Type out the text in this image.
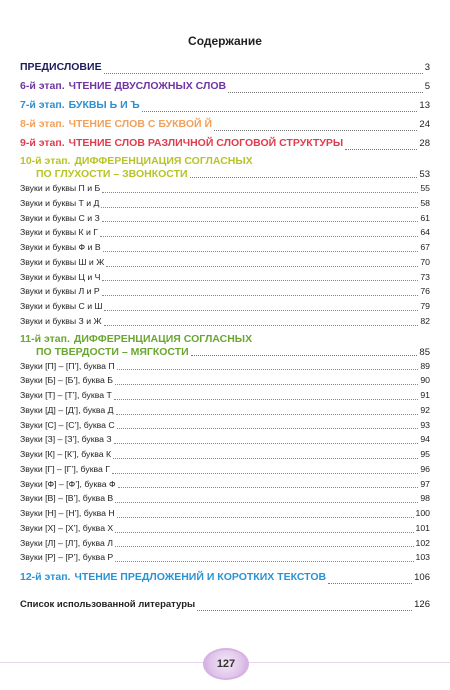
Содержание
ПРЕДИСЛОВИЕ	3
6-й этап. ЧТЕНИЕ ДВУСЛОЖНЫХ СЛОВ	5
7-й этап. БУКВЫ Ь И Ъ	13
8-й этап. ЧТЕНИЕ СЛОВ С БУКВОЙ Й	24
9-й этап. ЧТЕНИЕ СЛОВ РАЗЛИЧНОЙ СЛОГОВОЙ СТРУКТУРЫ	28
10-й этап. ДИФФЕРЕНЦИАЦИЯ СОГЛАСНЫХ
ПО ГЛУХОСТИ – ЗВОНКОСТИ	53
Звуки и буквы П и Б	55
Звуки и буквы Т и Д	58
Звуки и буквы С и З	61
Звуки и буквы К и Г	64
Звуки и буквы Ф и В	67
Звуки и буквы Ш и Ж	70
Звуки и буквы Ц и Ч	73
Звуки и буквы Л и Р	76
Звуки и буквы С и Ш	79
Звуки и буквы З и Ж	82
11-й этап. ДИФФЕРЕНЦИАЦИЯ СОГЛАСНЫХ
ПО ТВЕРДОСТИ – МЯГКОСТИ	85
Звуки [П] – [П’], буква П	89
Звуки [Б] – [Б’], буква Б	90
Звуки [Т] – [Т’], буква Т	91
Звуки [Д] – [Д’], буква Д	92
Звуки [С] – [С’], буква С	93
Звуки [З] – [З’], буква З	94
Звуки [К] – [К’], буква К	95
Звуки [Г] – [Г’], буква Г	96
Звуки [Ф] – [Ф’], буква Ф	97
Звуки [В] – [В’], буква В	98
Звуки [Н] – [Н’], буква Н	100
Звуки [Х] – [Х’], буква Х	101
Звуки [Л] – [Л’], буква Л	102
Звуки [Р] – [Р’], буква Р	103
12-й этап. ЧТЕНИЕ ПРЕДЛОЖЕНИЙ И КОРОТКИХ ТЕКСТОВ	106
Список использованной литературы	126
127
